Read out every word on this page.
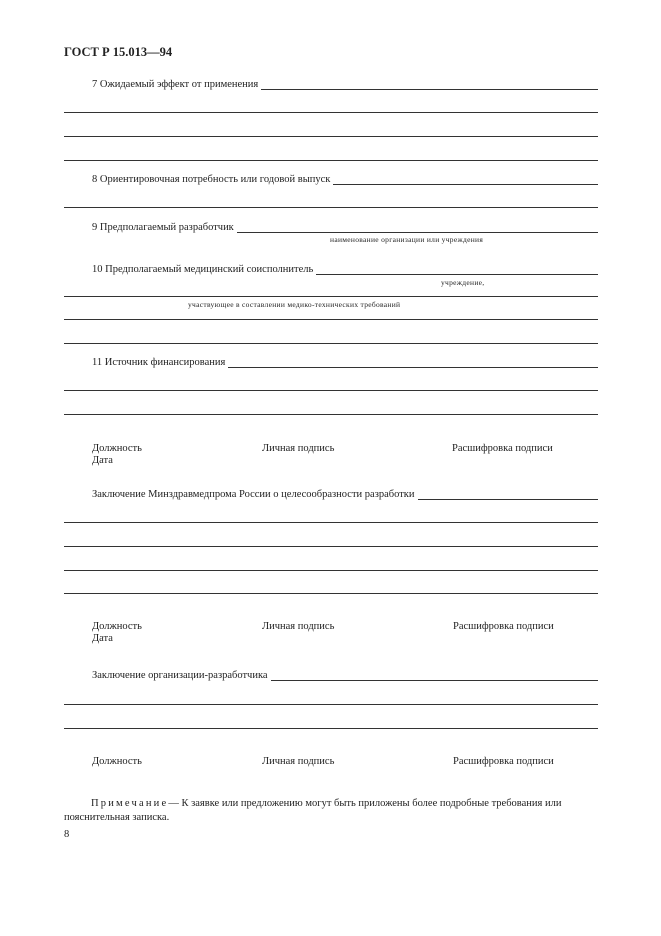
ГОСТ Р 15.013—94
7 Ожидаемый эффект от применения
8 Ориентировочная потребность или годовой выпуск
9 Предполагаемый разработчик
наименование организации или учреждения
10 Предполагаемый медицинский соисполнитель
учреждение,
участвующее в составлении медико-технических требований
11 Источник финансирования
Должность
Дата
Личная подпись	Расшифровка подписи
Заключение Минздравмедпрома России о целесообразности разработки
Должность
Дата
Личная подпись	Расшифровка подписи
Заключение организации-разработчика
Должность	Личная подпись	Расшифровка подписи
Примечание— К заявке или предложению могут быть приложены более подробные требования или пояснительная записка.
8
